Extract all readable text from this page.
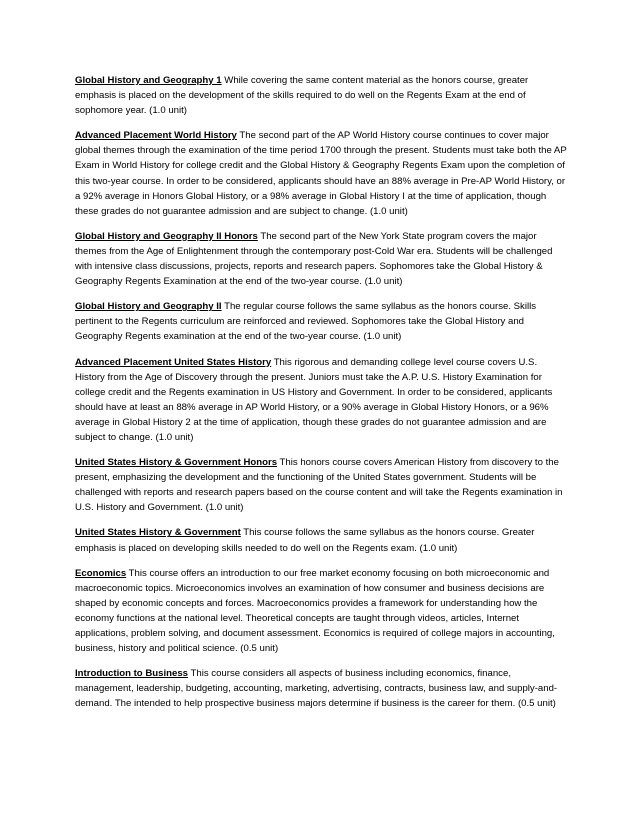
Global History and Geography 1 While covering the same content material as the honors course, greater emphasis is placed on the development of the skills required to do well on the Regents Exam at the end of sophomore year. (1.0 unit)

Advanced Placement World History The second part of the AP World History course continues to cover major global themes through the examination of the time period 1700 through the present. Students must take both the AP Exam in World History for college credit and the Global History & Geography Regents Exam upon the completion of this two-year course. In order to be considered, applicants should have an 88% average in Pre-AP World History, or a 92% average in Honors Global History, or a 98% average in Global History I at the time of application, though these grades do not guarantee admission and are subject to change. (1.0 unit)

Global History and Geography II Honors The second part of the New York State program covers the major themes from the Age of Enlightenment through the contemporary post-Cold War era. Students will be challenged with intensive class discussions, projects, reports and research papers. Sophomores take the Global History & Geography Regents Examination at the end of the two-year course. (1.0 unit)

Global History and Geography II The regular course follows the same syllabus as the honors course. Skills pertinent to the Regents curriculum are reinforced and reviewed. Sophomores take the Global History and Geography Regents examination at the end of the two-year course. (1.0 unit)

Advanced Placement United States History This rigorous and demanding college level course covers U.S. History from the Age of Discovery through the present. Juniors must take the A.P. U.S. History Examination for college credit and the Regents examination in US History and Government. In order to be considered, applicants should have at least an 88% average in AP World History, or a 90% average in Global History Honors, or a 96% average in Global History 2 at the time of application, though these grades do not guarantee admission and are subject to change. (1.0 unit)

United States History & Government Honors This honors course covers American History from discovery to the present, emphasizing the development and the functioning of the United States government. Students will be challenged with reports and research papers based on the course content and will take the Regents examination in U.S. History and Government. (1.0 unit)

United States History & Government This course follows the same syllabus as the honors course. Greater emphasis is placed on developing skills needed to do well on the Regents exam. (1.0 unit)

Economics This course offers an introduction to our free market economy focusing on both microeconomic and macroeconomic topics. Microeconomics involves an examination of how consumer and business decisions are shaped by economic concepts and forces. Macroeconomics provides a framework for understanding how the economy functions at the national level. Theoretical concepts are taught through videos, articles, Internet applications, problem solving, and document assessment. Economics is required of college majors in accounting, business, history and political science. (0.5 unit)

Introduction to Business This course considers all aspects of business including economics, finance, management, leadership, budgeting, accounting, marketing, advertising, contracts, business law, and supply-and-demand. The intended to help prospective business majors determine if business is the career for them. (0.5 unit)
